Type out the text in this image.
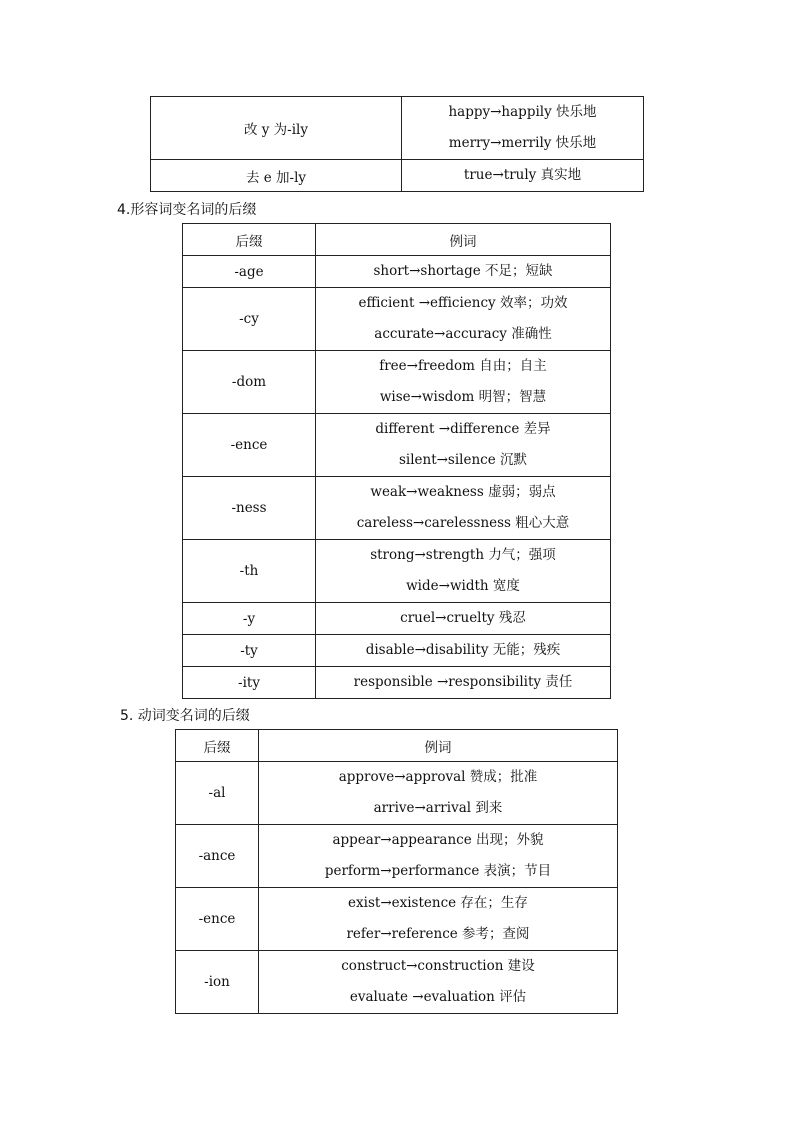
改 y 为-ily	happy→happily 快乐地
merry→merrily 快乐地

去 e 加-ly	true→truly 真实地
4.形容词变名词的后缀
后缀	例词
-age	short→shortage 不足；短缺

-cy	efficient →efficiency 效率；功效
accurate→accuracy 准确性

-dom	free→freedom 自由；自主
wise→wisdom 明智；智慧

-ence	different →difference 差异
silent→silence 沉默

-ness	weak→weakness 虚弱；弱点
careless→carelessness 粗心大意

-th	strong→strength 力气；强项
wide→width 宽度

-y	cruel→cruelty 残忍

-ty	disable→disability 无能；残疾

-ity	responsible →responsibility 责任
5. 动词变名词的后缀
后缀	例词
-al	approve→approval 赞成；批准
arrive→arrival 到来

-ance	appear→appearance 出现；外貌
perform→performance 表演；节目

-ence	exist→existence 存在；生存
refer→reference 参考；查阅

-ion	construct→construction 建设
evaluate →evaluation 评估
